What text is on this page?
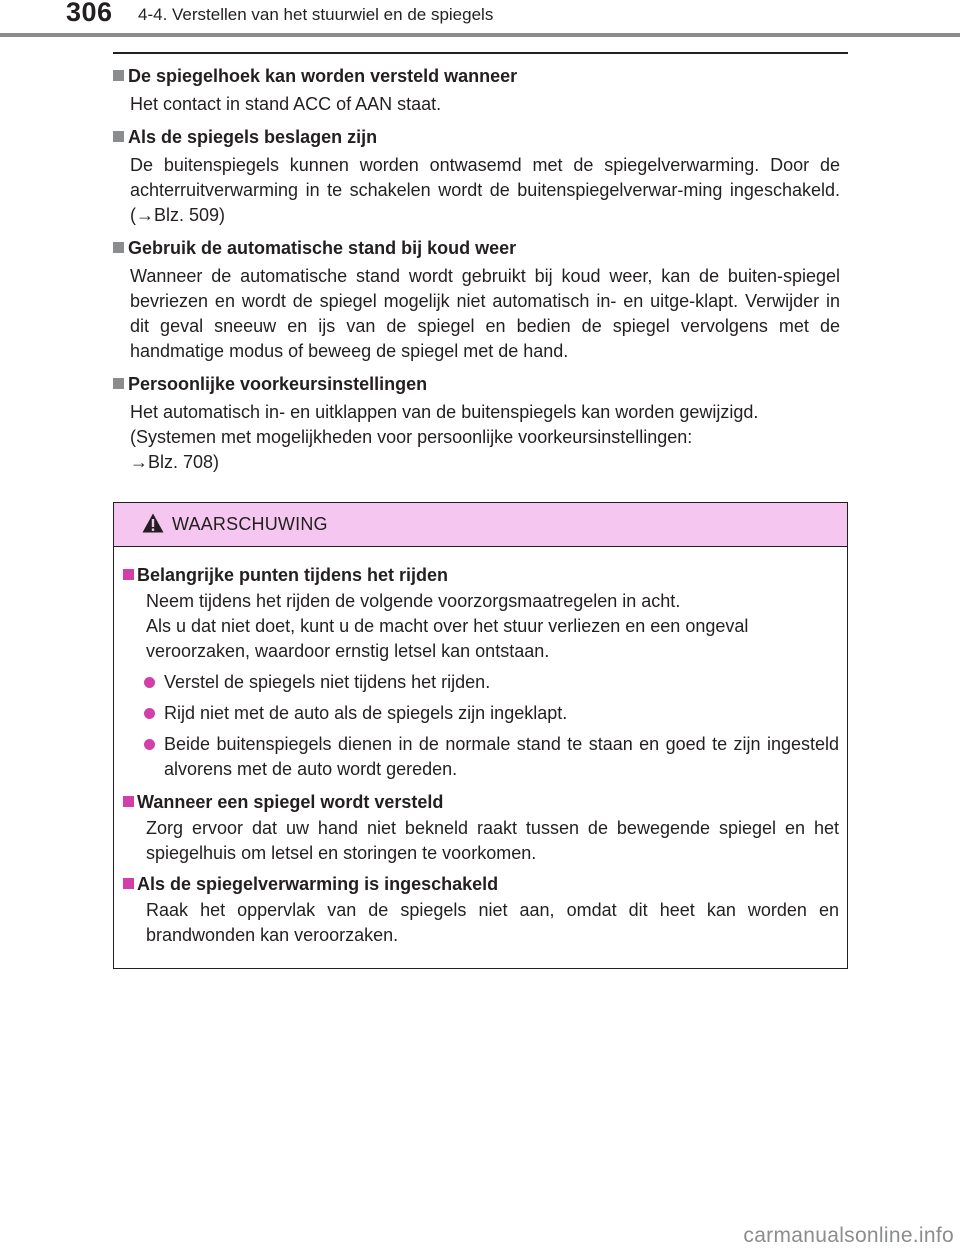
306 4-4. Verstellen van het stuurwiel en de spiegels

De spiegelhoek kan worden versteld wanneer

Het contact in stand ACC of AAN staat.

Als de spiegels beslagen zijn

De buitenspiegels kunnen worden ontwasemd met de spiegelverwarming. Door de achterruitverwarming in te schakelen wordt de buitenspiegelverwar-ming ingeschakeld. (→Blz. 509)

Gebruik de automatische stand bij koud weer

Wanneer de automatische stand wordt gebruikt bij koud weer, kan de buiten-spiegel bevriezen en wordt de spiegel mogelijk niet automatisch in- en uitge-klapt. Verwijder in dit geval sneeuw en ijs van de spiegel en bedien de spiegel vervolgens met de handmatige modus of beweeg de spiegel met de hand.

Persoonlijke voorkeursinstellingen

Het automatisch in- en uitklappen van de buitenspiegels kan worden gewijzigd.
(Systemen met mogelijkheden voor persoonlijke voorkeursinstellingen:
→Blz. 708)

WAARSCHUWING

Belangrijke punten tijdens het rijden

Neem tijdens het rijden de volgende voorzorgsmaatregelen in acht.
Als u dat niet doet, kunt u de macht over het stuur verliezen en een ongeval veroorzaken, waardoor ernstig letsel kan ontstaan.

Verstel de spiegels niet tijdens het rijden.
Rijd niet met de auto als de spiegels zijn ingeklapt.
Beide buitenspiegels dienen in de normale stand te staan en goed te zijn ingesteld alvorens met de auto wordt gereden.

Wanneer een spiegel wordt versteld

Zorg ervoor dat uw hand niet bekneld raakt tussen de bewegende spiegel en het spiegelhuis om letsel en storingen te voorkomen.

Als de spiegelverwarming is ingeschakeld

Raak het oppervlak van de spiegels niet aan, omdat dit heet kan worden en brandwonden kan veroorzaken.

carmanualsonline.info
